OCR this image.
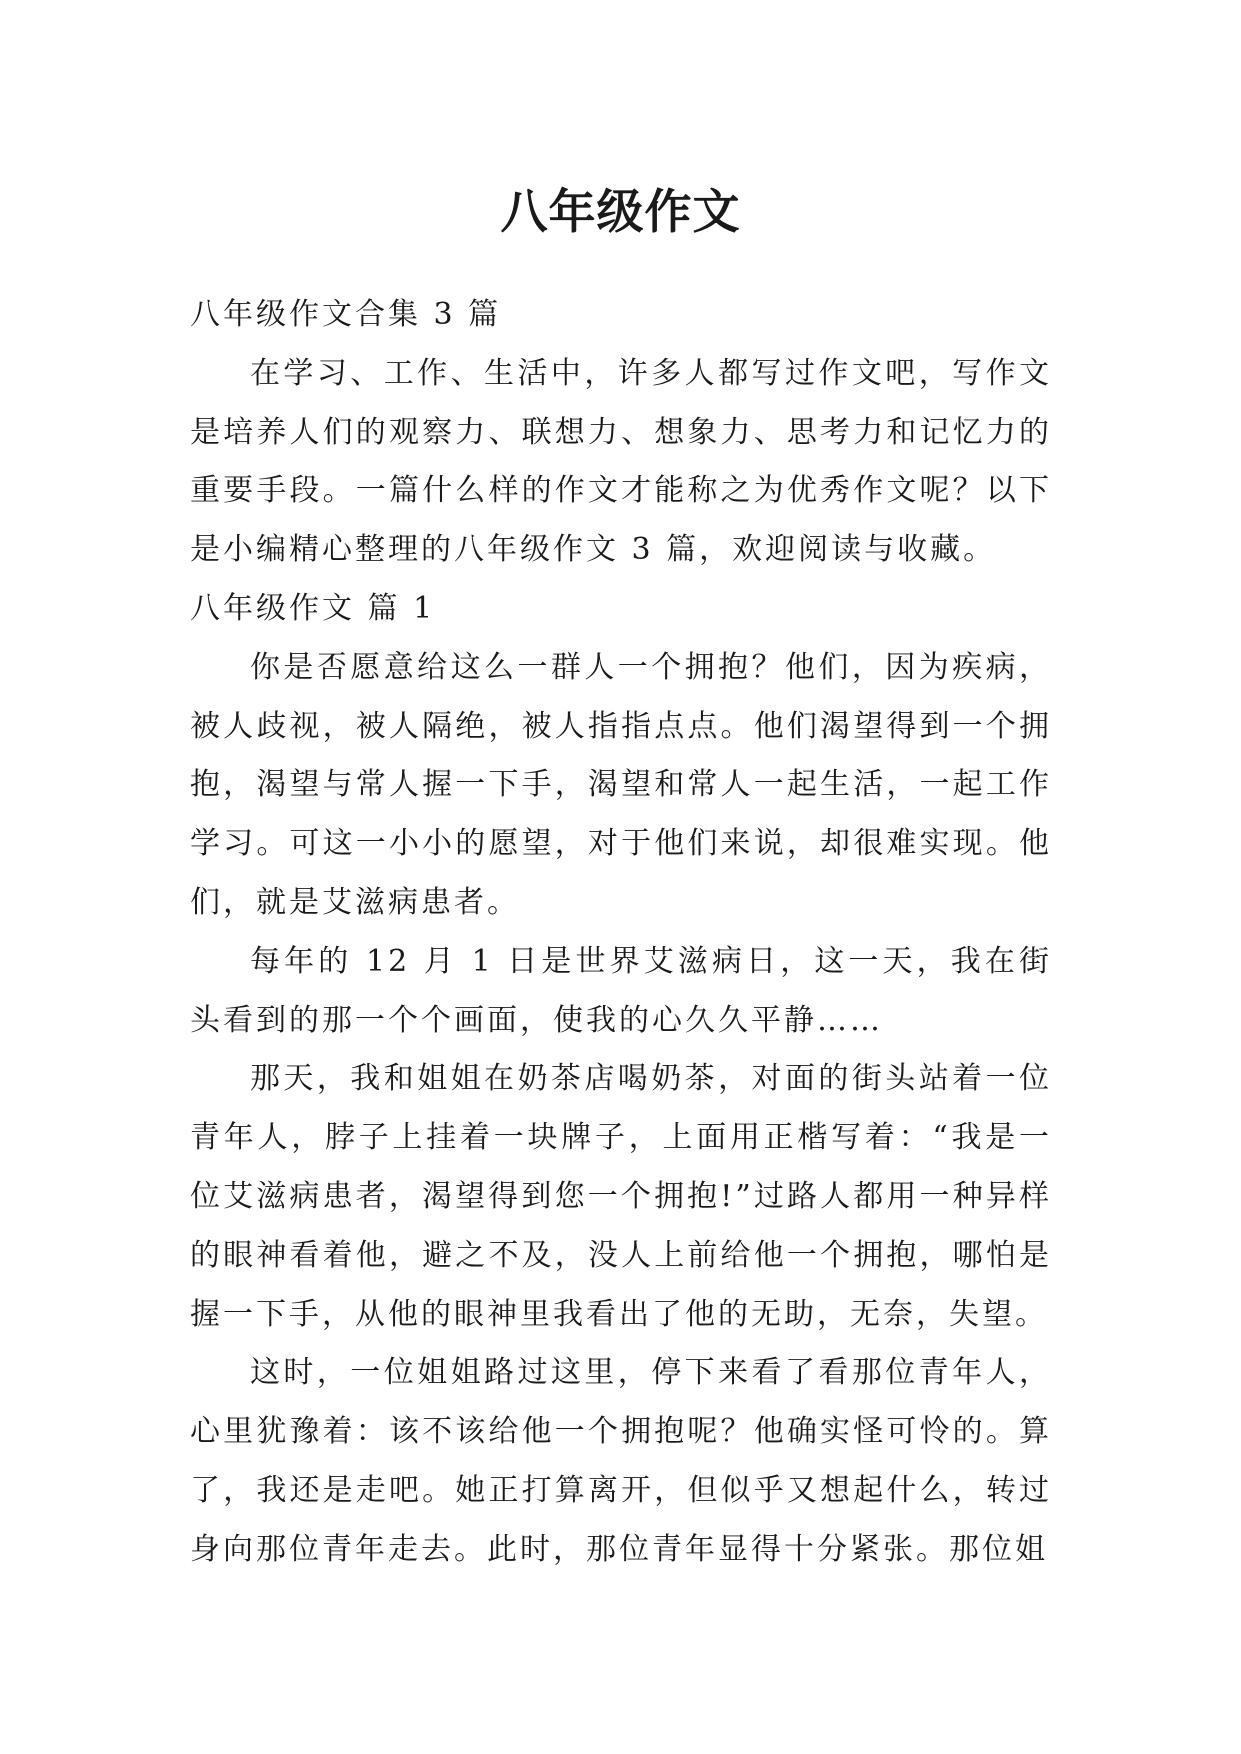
八年级作文

八年级作文合集 3 篇

在学习、工作、生活中，许多人都写过作文吧，写作文是培养人们的观察力、联想力、想象力、思考力和记忆力的重要手段。一篇什么样的作文才能称之为优秀作文呢？以下是小编精心整理的八年级作文 3 篇，欢迎阅读与收藏。

八年级作文 篇 1

你是否愿意给这么一群人一个拥抱？他们，因为疾病，被人歧视，被人隔绝，被人指指点点。他们渴望得到一个拥抱，渴望与常人握一下手，渴望和常人一起生活，一起工作学习。可这一小小的愿望，对于他们来说，却很难实现。他们，就是艾滋病患者。

每年的 12 月 1 日是世界艾滋病日，这一天，我在街头看到的那一个个画面，使我的心久久平静……

那天，我和姐姐在奶茶店喝奶茶，对面的街头站着一位青年人，脖子上挂着一块牌子，上面用正楷写着：“我是一位艾滋病患者，渴望得到您一个拥抱!”过路人都用一种异样的眼神看着他，避之不及，没人上前给他一个拥抱，哪怕是握一下手，从他的眼神里我看出了他的无助，无奈，失望。

这时，一位姐姐路过这里，停下来看了看那位青年人，心里犹豫着：该不该给他一个拥抱呢？他确实怪可怜的。算了，我还是走吧。她正打算离开，但似乎又想起什么，转过身向那位青年走去。此时，那位青年显得十分紧张。那位姐
